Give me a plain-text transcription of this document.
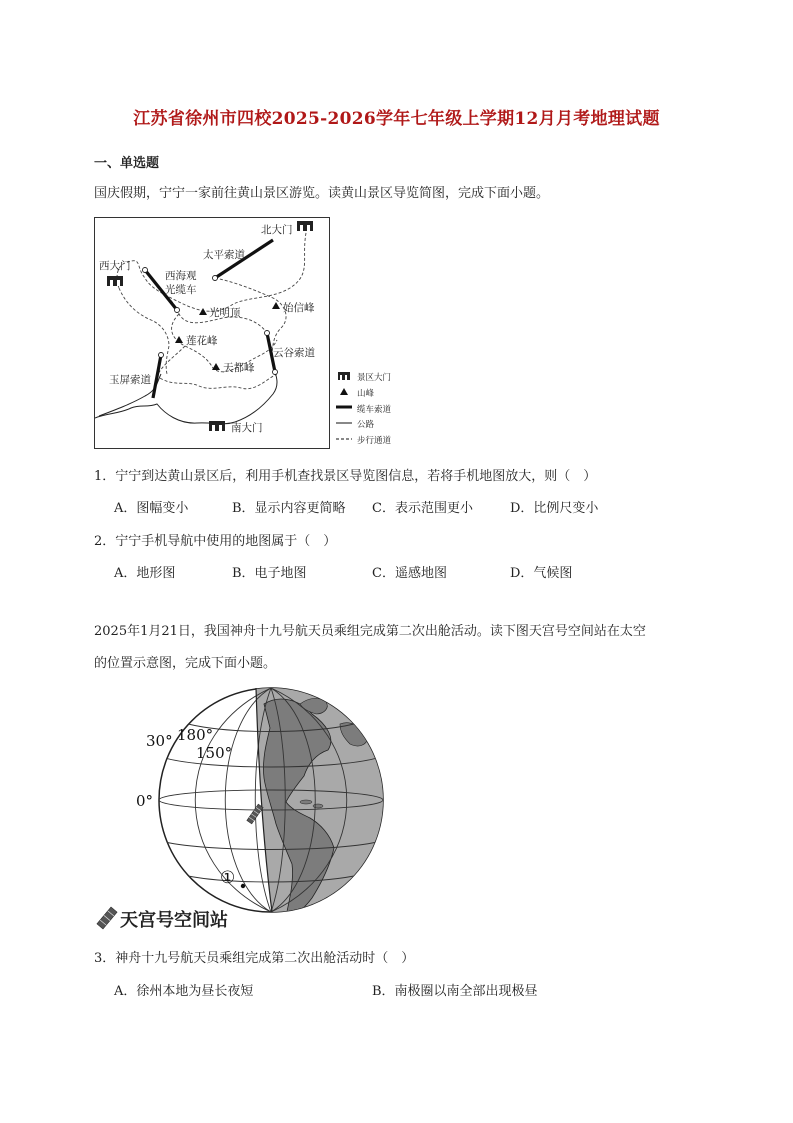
江苏省徐州市四校2025-2026学年七年级上学期12月月考地理试题
一、单选题
国庆假期，宁宁一家前往黄山景区游览。读黄山景区导览简图，完成下面小题。
北大门
西大门
南大门
太平索道
西海观
光缆车
光明顶	始信峰
莲花峰
天都峰
云谷索道
玉屏索道	景区大门
山峰
缆车索道
公路
步行通道
1．宁宁到达黄山景区后，利用手机查找景区导览图信息，若将手机地图放大，则（　）
A．图幅变小	B．显示内容更简略 C．表示范围更小	D．比例尺变小
2．宁宁手机导航中使用的地图属于（　）
A．地形图	B．电子地图	C．遥感地图	D．气候图
2025年1月21日，我国神舟十九号航天员乘组完成第二次出舱活动。读下图天宫号空间站在太空
的位置示意图，完成下面小题。
30° 180°
150°
0°
①
天宫号空间站
3．神舟十九号航天员乘组完成第二次出舱活动时（　）
A．徐州本地为昼长夜短	B．南极圈以南全部出现极昼
